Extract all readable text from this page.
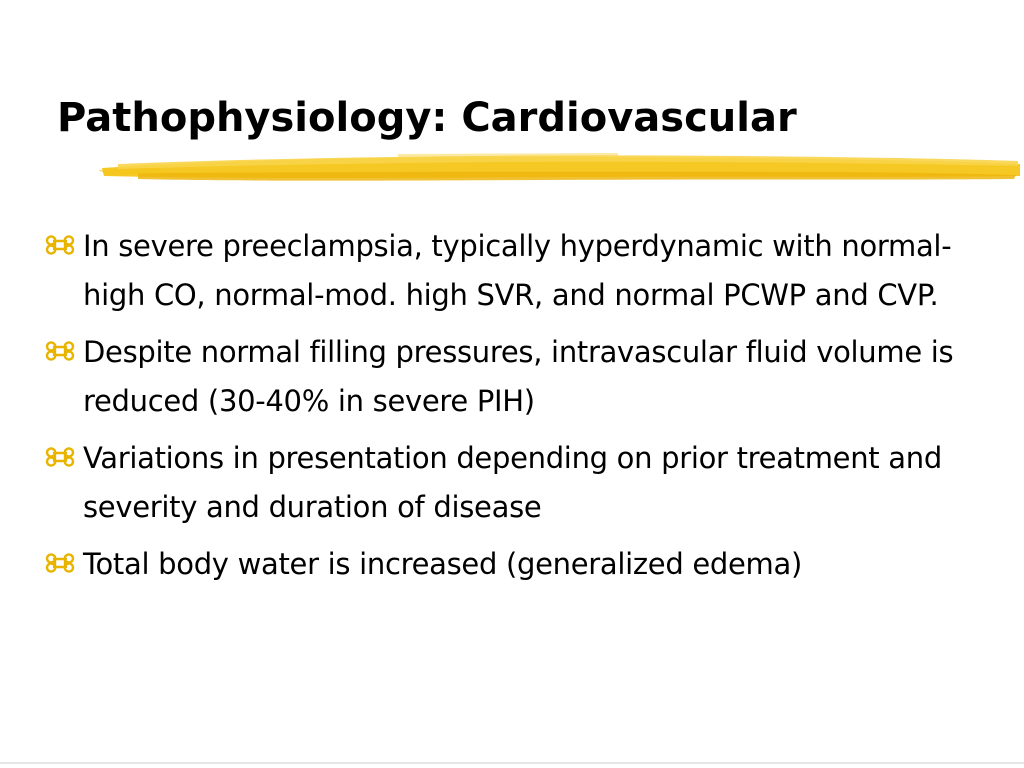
Pathophysiology: Cardiovascular
In severe preeclampsia, typically hyperdynamic with normal-high CO, normal-mod. high SVR, and normal PCWP and CVP.
Despite normal filling pressures, intravascular fluid volume is reduced (30-40% in severe PIH)
Variations in presentation depending on prior treatment and severity and duration of disease
Total body water is increased (generalized edema)
